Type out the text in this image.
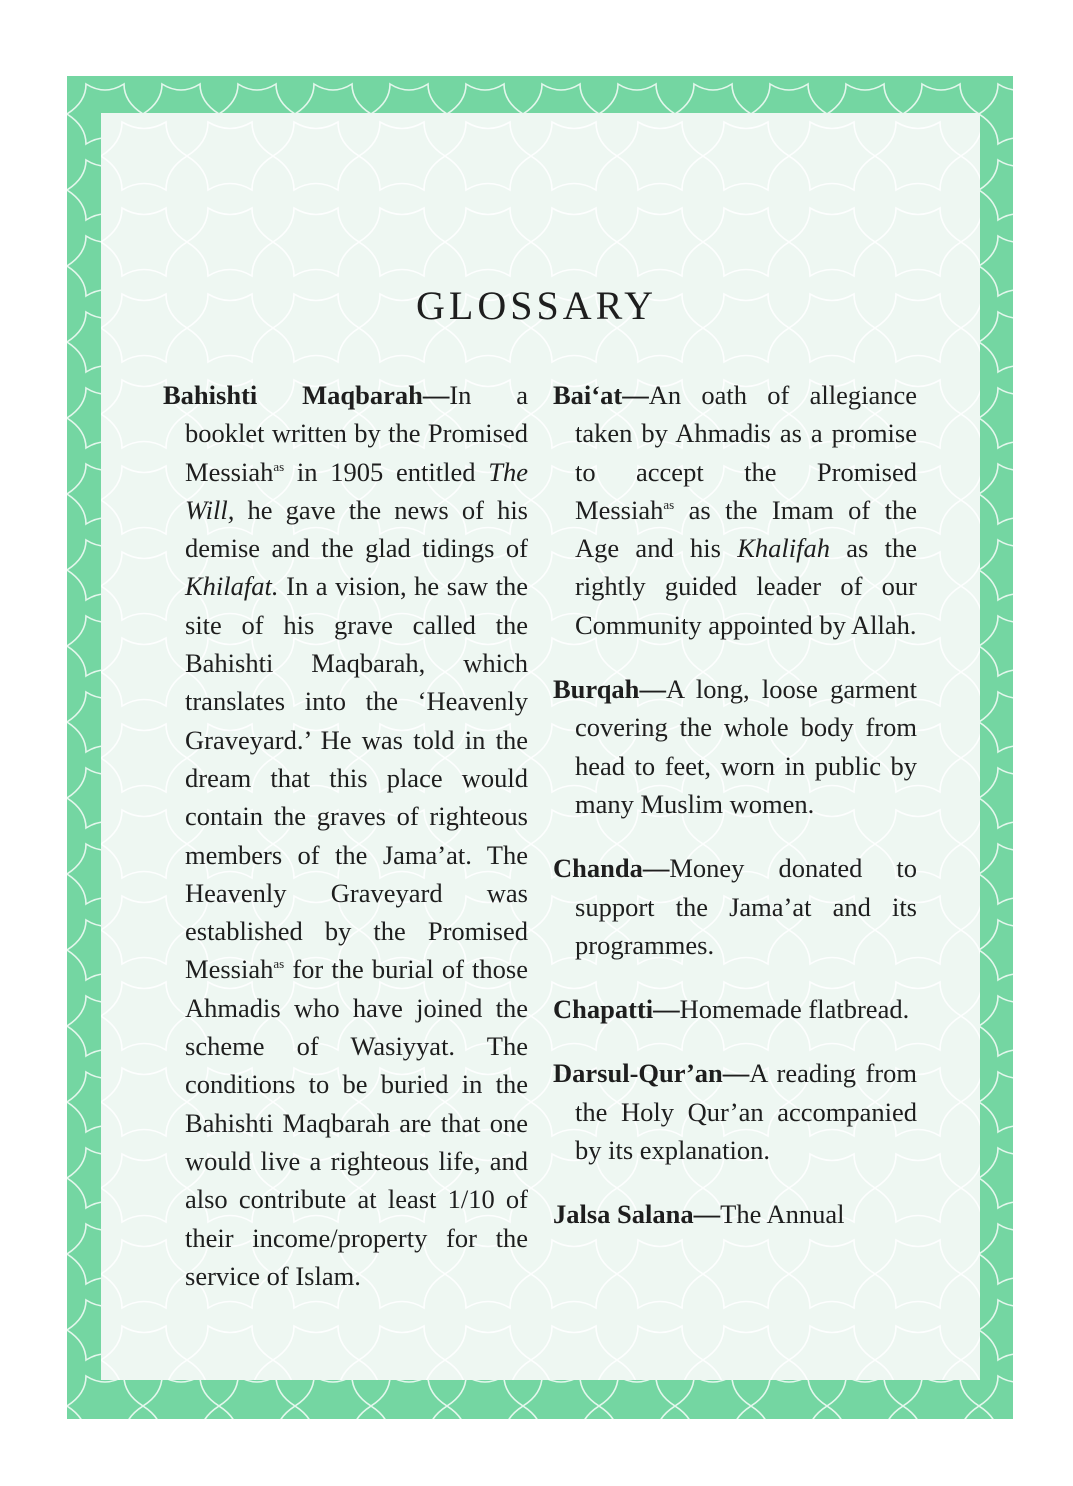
GLOSSARY

Bahishti Maqbarah—In a booklet written by the Promised Messiah$^{as}$ in 1905 entitled The Will, he gave the news of his demise and the glad tidings of Khilafat. In a vision, he saw the site of his grave called the Bahishti Maqbarah, which translates into the ‘Heavenly Graveyard.’ He was told in the dream that this place would contain the graves of righteous members of the Jama’at. The Heavenly Graveyard was established by the Promised Messiah$^{as}$ for the burial of those Ahmadis who have joined the scheme of Wasiyyat. The conditions to be buried in the Bahishti Maqbarah are that one would live a righteous life, and also contribute at least 1/10 of their income/property for the service of Islam.

Bai‘at—An oath of allegiance taken by Ahmadis as a promise to accept the Promised Messiah$^{as}$ as the Imam of the Age and his Khalifah as the rightly guided leader of our Community appointed by Allah.

Burqah—A long, loose garment covering the whole body from head to feet, worn in public by many Muslim women.

Chanda—Money donated to support the Jama’at and its programmes.

Chapatti—Homemade flatbread.

Darsul-Qur’an—A reading from the Holy Qur’an accompanied by its explanation.

Jalsa Salana—The Annual
